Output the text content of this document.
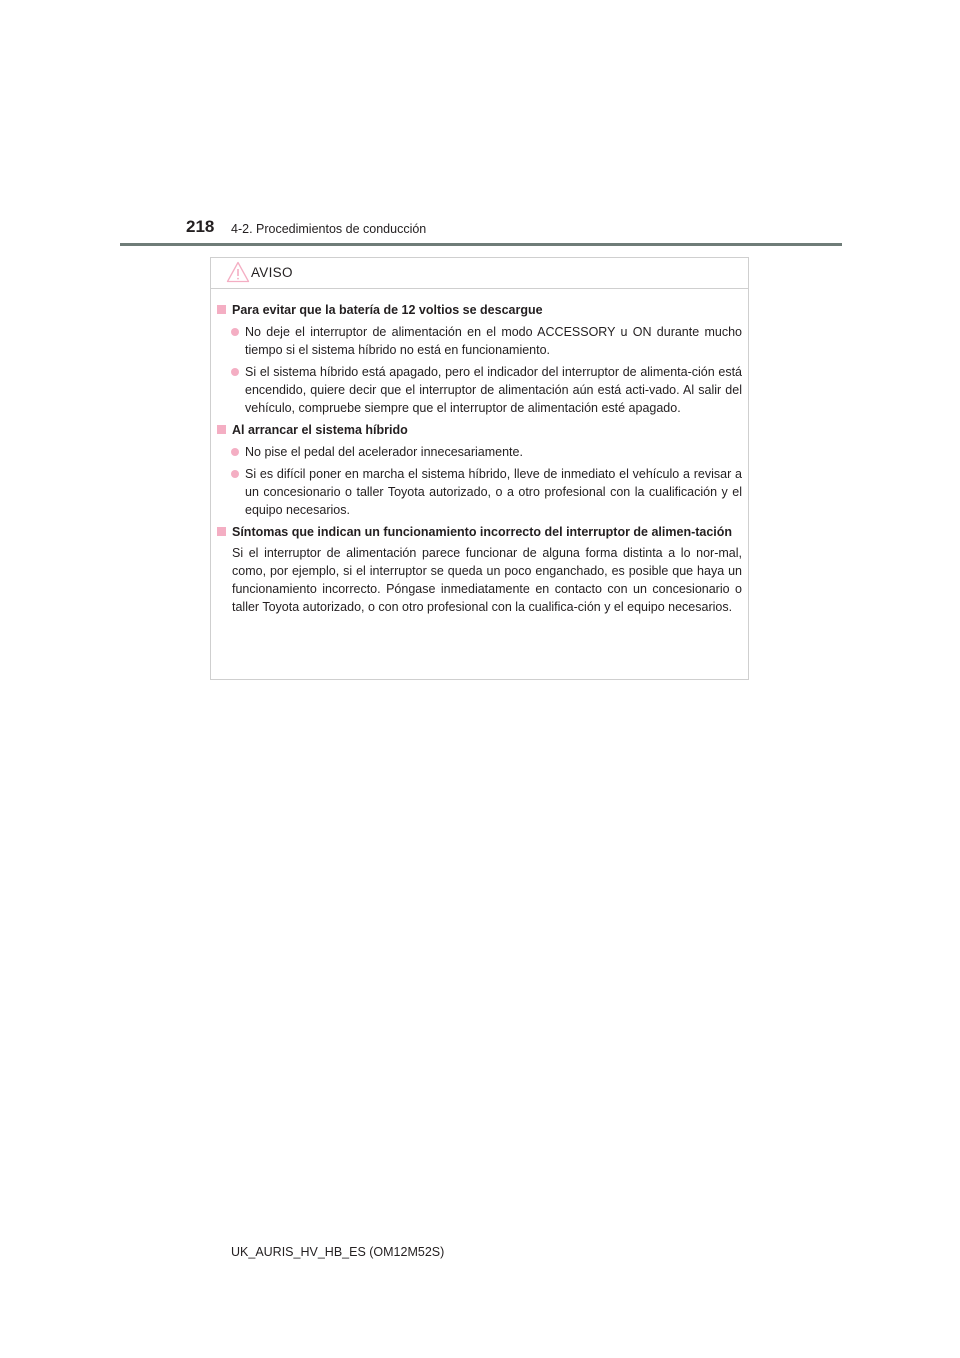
218 4-2. Procedimientos de conducción
AVISO
Para evitar que la batería de 12 voltios se descargue
No deje el interruptor de alimentación en el modo ACCESSORY u ON durante mucho tiempo si el sistema híbrido no está en funcionamiento.
Si el sistema híbrido está apagado, pero el indicador del interruptor de alimenta-ción está encendido, quiere decir que el interruptor de alimentación aún está acti-vado. Al salir del vehículo, compruebe siempre que el interruptor de alimentación esté apagado.
Al arrancar el sistema híbrido
No pise el pedal del acelerador innecesariamente.
Si es difícil poner en marcha el sistema híbrido, lleve de inmediato el vehículo a revisar a un concesionario o taller Toyota autorizado, o a otro profesional con la cualificación y el equipo necesarios.
Síntomas que indican un funcionamiento incorrecto del interruptor de alimen-tación
Si el interruptor de alimentación parece funcionar de alguna forma distinta a lo nor-mal, como, por ejemplo, si el interruptor se queda un poco enganchado, es posible que haya un funcionamiento incorrecto. Póngase inmediatamente en contacto con un concesionario o taller Toyota autorizado, o con otro profesional con la cualifica-ción y el equipo necesarios.
UK_AURIS_HV_HB_ES (OM12M52S)
